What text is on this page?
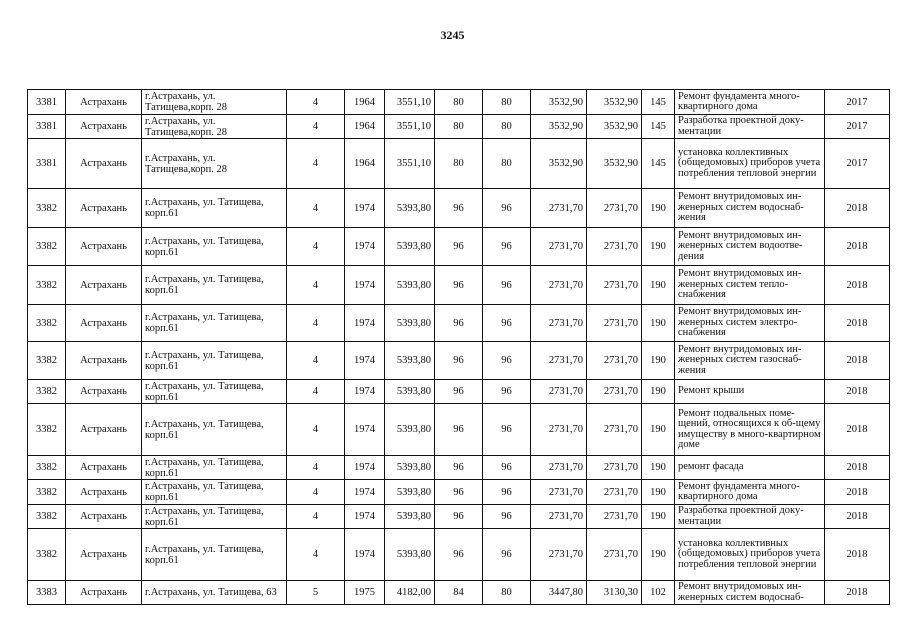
3245
3381	Астрахань	г.Астрахань, ул. Татищева,корп. 28	4	1964	3551,10	80	80	3532,90	3532,90	145	Ремонт фундамента много-квартирного дома	2017
3381	Астрахань	г.Астрахань, ул. Татищева,корп. 28	4	1964	3551,10	80	80	3532,90	3532,90	145	Разработка проектной доку-ментации	2017
3381	Астрахань	г.Астрахань, ул. Татищева,корп. 28	4	1964	3551,10	80	80	3532,90	3532,90	145	установка коллективных (общедомовых) приборов учета потребления тепловой энергии	2017
3382	Астрахань	г.Астрахань, ул. Татищева, корп.61	4	1974	5393,80	96	96	2731,70	2731,70	190	Ремонт внутридомовых ин-женерных систем водоснаб-жения	2018
3382	Астрахань	г.Астрахань, ул. Татищева, корп.61	4	1974	5393,80	96	96	2731,70	2731,70	190	Ремонт внутридомовых ин-женерных систем водоотве-дения	2018
3382	Астрахань	г.Астрахань, ул. Татищева, корп.61	4	1974	5393,80	96	96	2731,70	2731,70	190	Ремонт внутридомовых ин-женерных систем тепло-снабжения	2018
3382	Астрахань	г.Астрахань, ул. Татищева, корп.61	4	1974	5393,80	96	96	2731,70	2731,70	190	Ремонт внутридомовых ин-женерных систем электро-снабжения	2018
3382	Астрахань	г.Астрахань, ул. Татищева, корп.61	4	1974	5393,80	96	96	2731,70	2731,70	190	Ремонт внутридомовых ин-женерных систем газоснаб-жения	2018
3382	Астрахань	г.Астрахань, ул. Татищева, корп.61	4	1974	5393,80	96	96	2731,70	2731,70	190	Ремонт крыши	2018
3382	Астрахань	г.Астрахань, ул. Татищева, корп.61	4	1974	5393,80	96	96	2731,70	2731,70	190	Ремонт подвальных поме-щений, относящихся к об-щему имуществу в много-квартирном доме	2018
3382	Астрахань	г.Астрахань, ул. Татищева, корп.61	4	1974	5393,80	96	96	2731,70	2731,70	190	ремонт фасада	2018
3382	Астрахань	г.Астрахань, ул. Татищева, корп.61	4	1974	5393,80	96	96	2731,70	2731,70	190	Ремонт фундамента много-квартирного дома	2018
3382	Астрахань	г.Астрахань, ул. Татищева, корп.61	4	1974	5393,80	96	96	2731,70	2731,70	190	Разработка проектной доку-ментации	2018
3382	Астрахань	г.Астрахань, ул. Татищева, корп.61	4	1974	5393,80	96	96	2731,70	2731,70	190	установка коллективных (общедомовых) приборов учета потребления тепловой энергии	2018
3383	Астрахань	г.Астрахань, ул. Татищева, 63	5	1975	4182,00	84	80	3447,80	3130,30	102	Ремонт внутридомовых ин-женерных систем водоснаб-	2018
